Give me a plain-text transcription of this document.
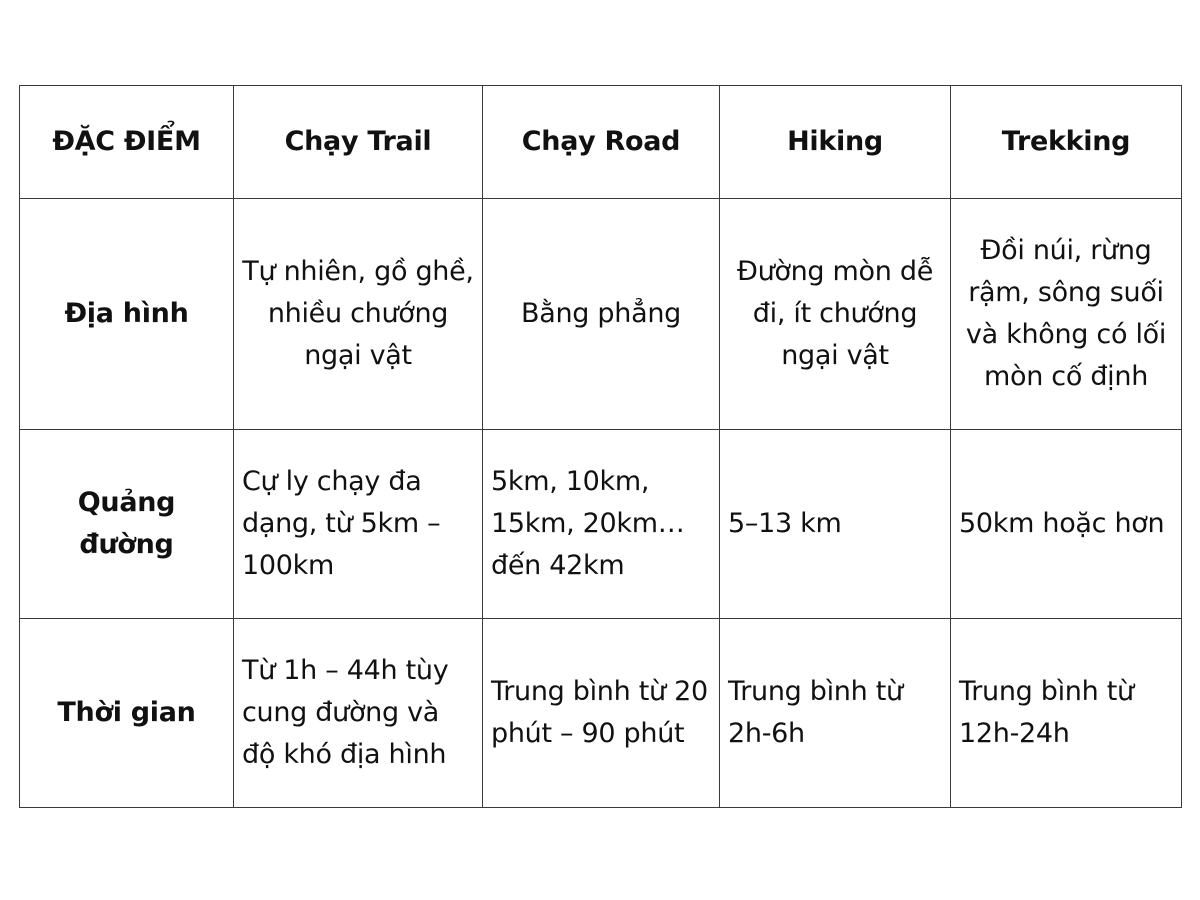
ĐẶC ĐIỂM	Chạy Trail	Chạy Road	Hiking	Trekking
Địa hình	Tự nhiên, gồ ghề, nhiều chướng ngại vật	Bằng phẳng	Đường mòn dễ đi, ít chướng ngại vật	Đồi núi, rừng rậm, sông suối và không có lối mòn cố định
Quảng đường	Cự ly chạy đa dạng, từ 5km – 100km	5km, 10km, 15km, 20km… đến 42km	5–13 km	50km hoặc hơn
Thời gian	Từ 1h – 44h tùy cung đường và độ khó địa hình	Trung bình từ 20 phút – 90 phút	Trung bình từ 2h-6h	Trung bình từ 12h-24h
